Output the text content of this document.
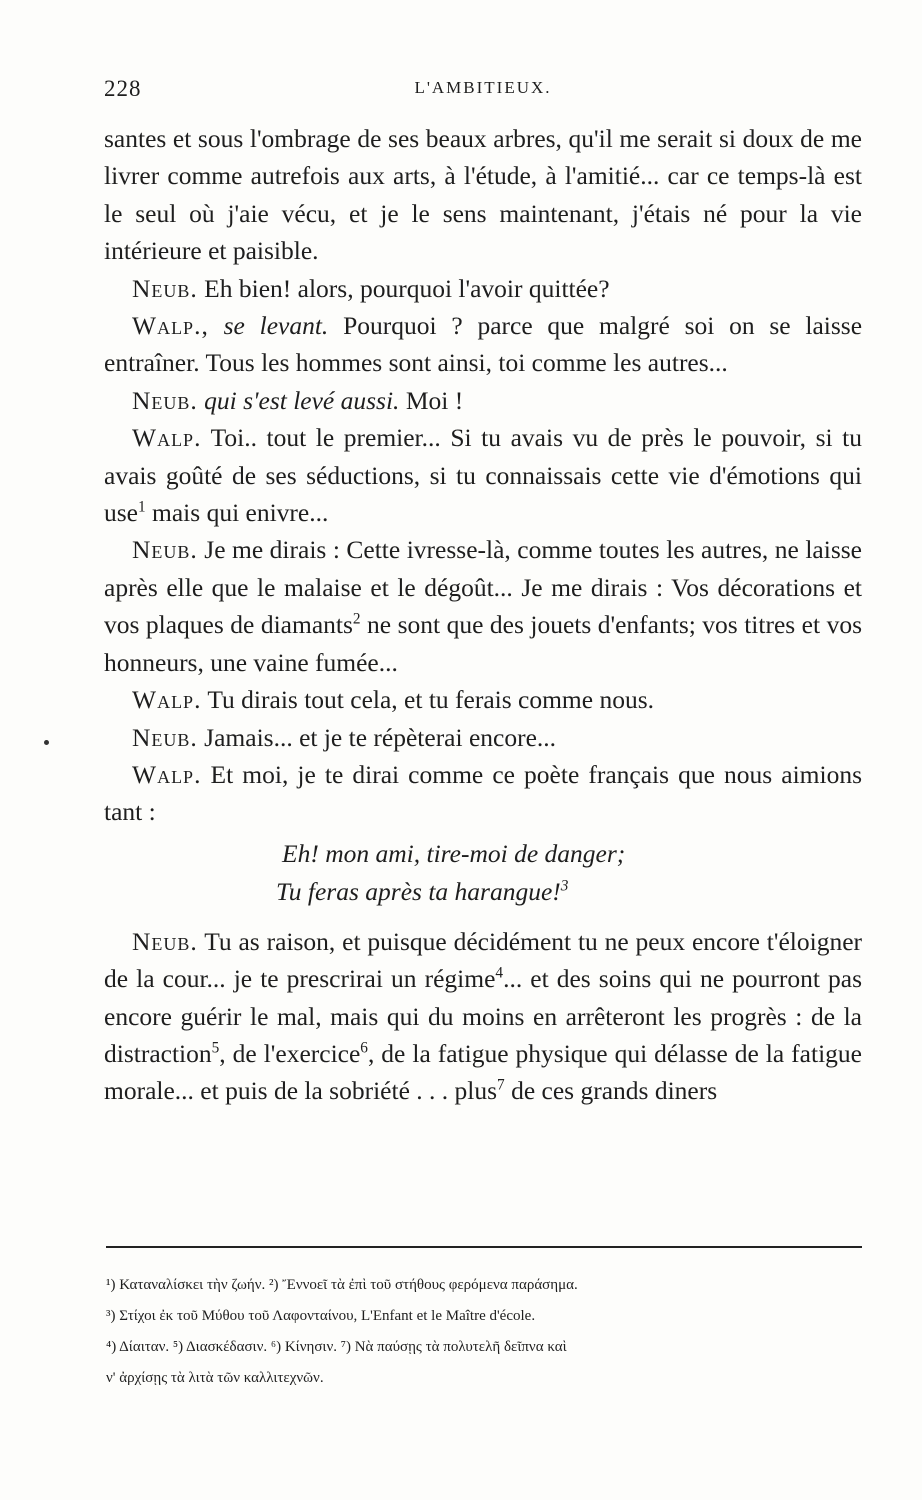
228	L'AMBITIEUX.

santes et sous l'ombrage de ses beaux arbres, qu'il me serait si doux de me livrer comme autrefois aux arts, à l'étude, à l'amitié... car ce temps-là est le seul où j'aie vécu, et je le sens maintenant, j'étais né pour la vie intérieure et paisible.

Neub. Eh bien! alors, pourquoi l'avoir quittée?

Walp., se levant. Pourquoi ? parce que malgré soi on se laisse entraîner. Tous les hommes sont ainsi, toi comme les autres...

Neub. qui s'est levé aussi. Moi !

Walp. Toi.. tout le premier... Si tu avais vu de près le pouvoir, si tu avais goûté de ses séductions, si tu connaissais cette vie d'émotions qui use$^1$ mais qui enivre...

Neub. Je me dirais : Cette ivresse-là, comme toutes les autres, ne laisse après elle que le malaise et le dégoût... Je me dirais : Vos décorations et vos plaques de diamants$^2$ ne sont que des jouets d'enfants; vos titres et vos honneurs, une vaine fumée...

Walp. Tu dirais tout cela, et tu ferais comme nous.

Neub. Jamais... et je te répèterai encore...

Walp. Et moi, je te dirai comme ce poète français que nous aimions tant :

Eh! mon ami, tire-moi de danger;
Tu feras après ta harangue!$^3$

Neub. Tu as raison, et puisque décidément tu ne peux encore t'éloigner de la cour... je te prescrirai un régime$^4$... et des soins qui ne pourront pas encore guérir le mal, mais qui du moins en arrêteront les progrès : de la distraction$^5$, de l'exercice$^6$, de la fatigue physique qui délasse de la fatigue morale... et puis de la sobriété . . . plus$^7$ de ces grands diners

¹) Καταναλίσκει τὴν ζωήν. ²) Ἔννοεῖ τὰ ἐπὶ τοῦ στήθους φερόμενα παράσημα.
³) Στίχοι ἐκ τοῦ Μύθου τοῦ Λαφονταίνου, L'Enfant et le Maître d'école.
⁴) Δίαιταν. ⁵) Διασκέδασιν. ⁶) Κίνησιν. ⁷) Νὰ παύσῃς τὰ πολυτελῆ δεῖπνα καὶ
ν' ἀρχίσῃς τὰ λιτὰ τῶν καλλιτεχνῶν.
